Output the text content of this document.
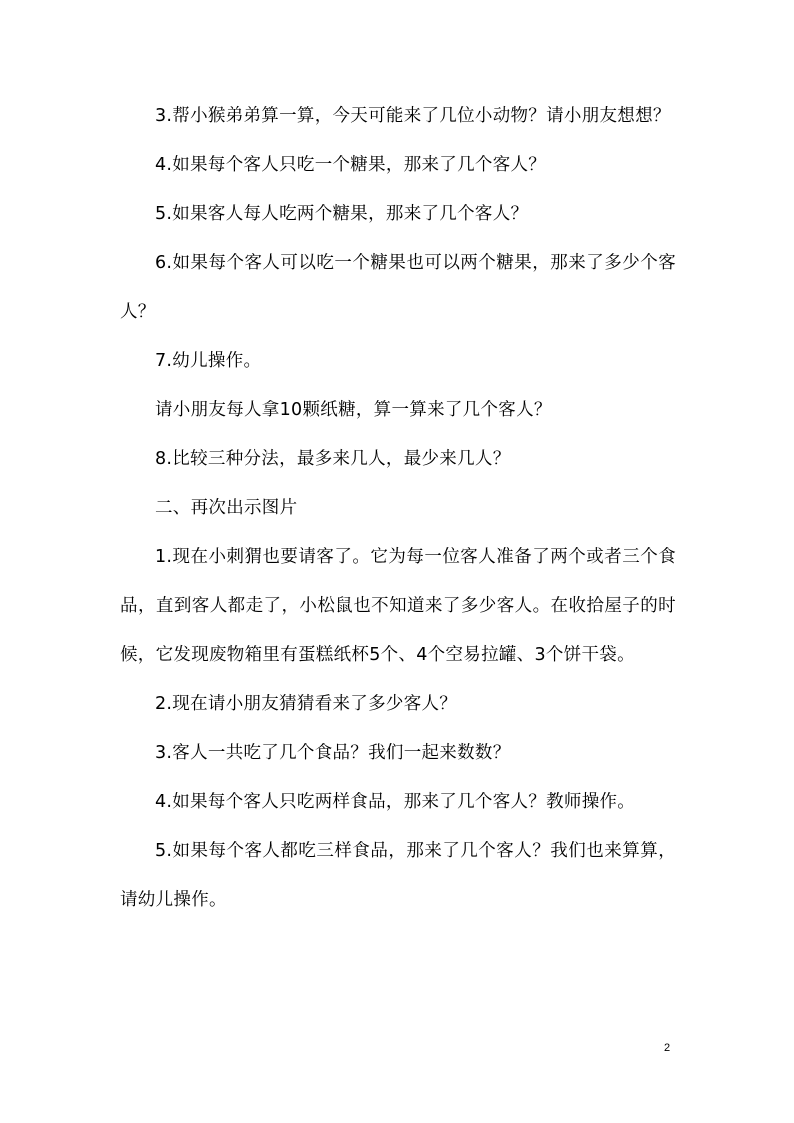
3.帮小猴弟弟算一算，今天可能来了几位小动物？请小朋友想想？

4.如果每个客人只吃一个糖果，那来了几个客人？

5.如果客人每人吃两个糖果，那来了几个客人？

6.如果每个客人可以吃一个糖果也可以两个糖果，那来了多少个客人？

7.幼儿操作。

请小朋友每人拿10颗纸糖，算一算来了几个客人？

8.比较三种分法，最多来几人，最少来几人？

二、再次出示图片

1.现在小刺猬也要请客了。它为每一位客人准备了两个或者三个食品，直到客人都走了，小松鼠也不知道来了多少客人。在收拾屋子的时候，它发现废物箱里有蛋糕纸杯5个、4个空易拉罐、3个饼干袋。

2.现在请小朋友猜猜看来了多少客人？

3.客人一共吃了几个食品？我们一起来数数？

4.如果每个客人只吃两样食品，那来了几个客人？教师操作。

5.如果每个客人都吃三样食品，那来了几个客人？我们也来算算，请幼儿操作。

2
